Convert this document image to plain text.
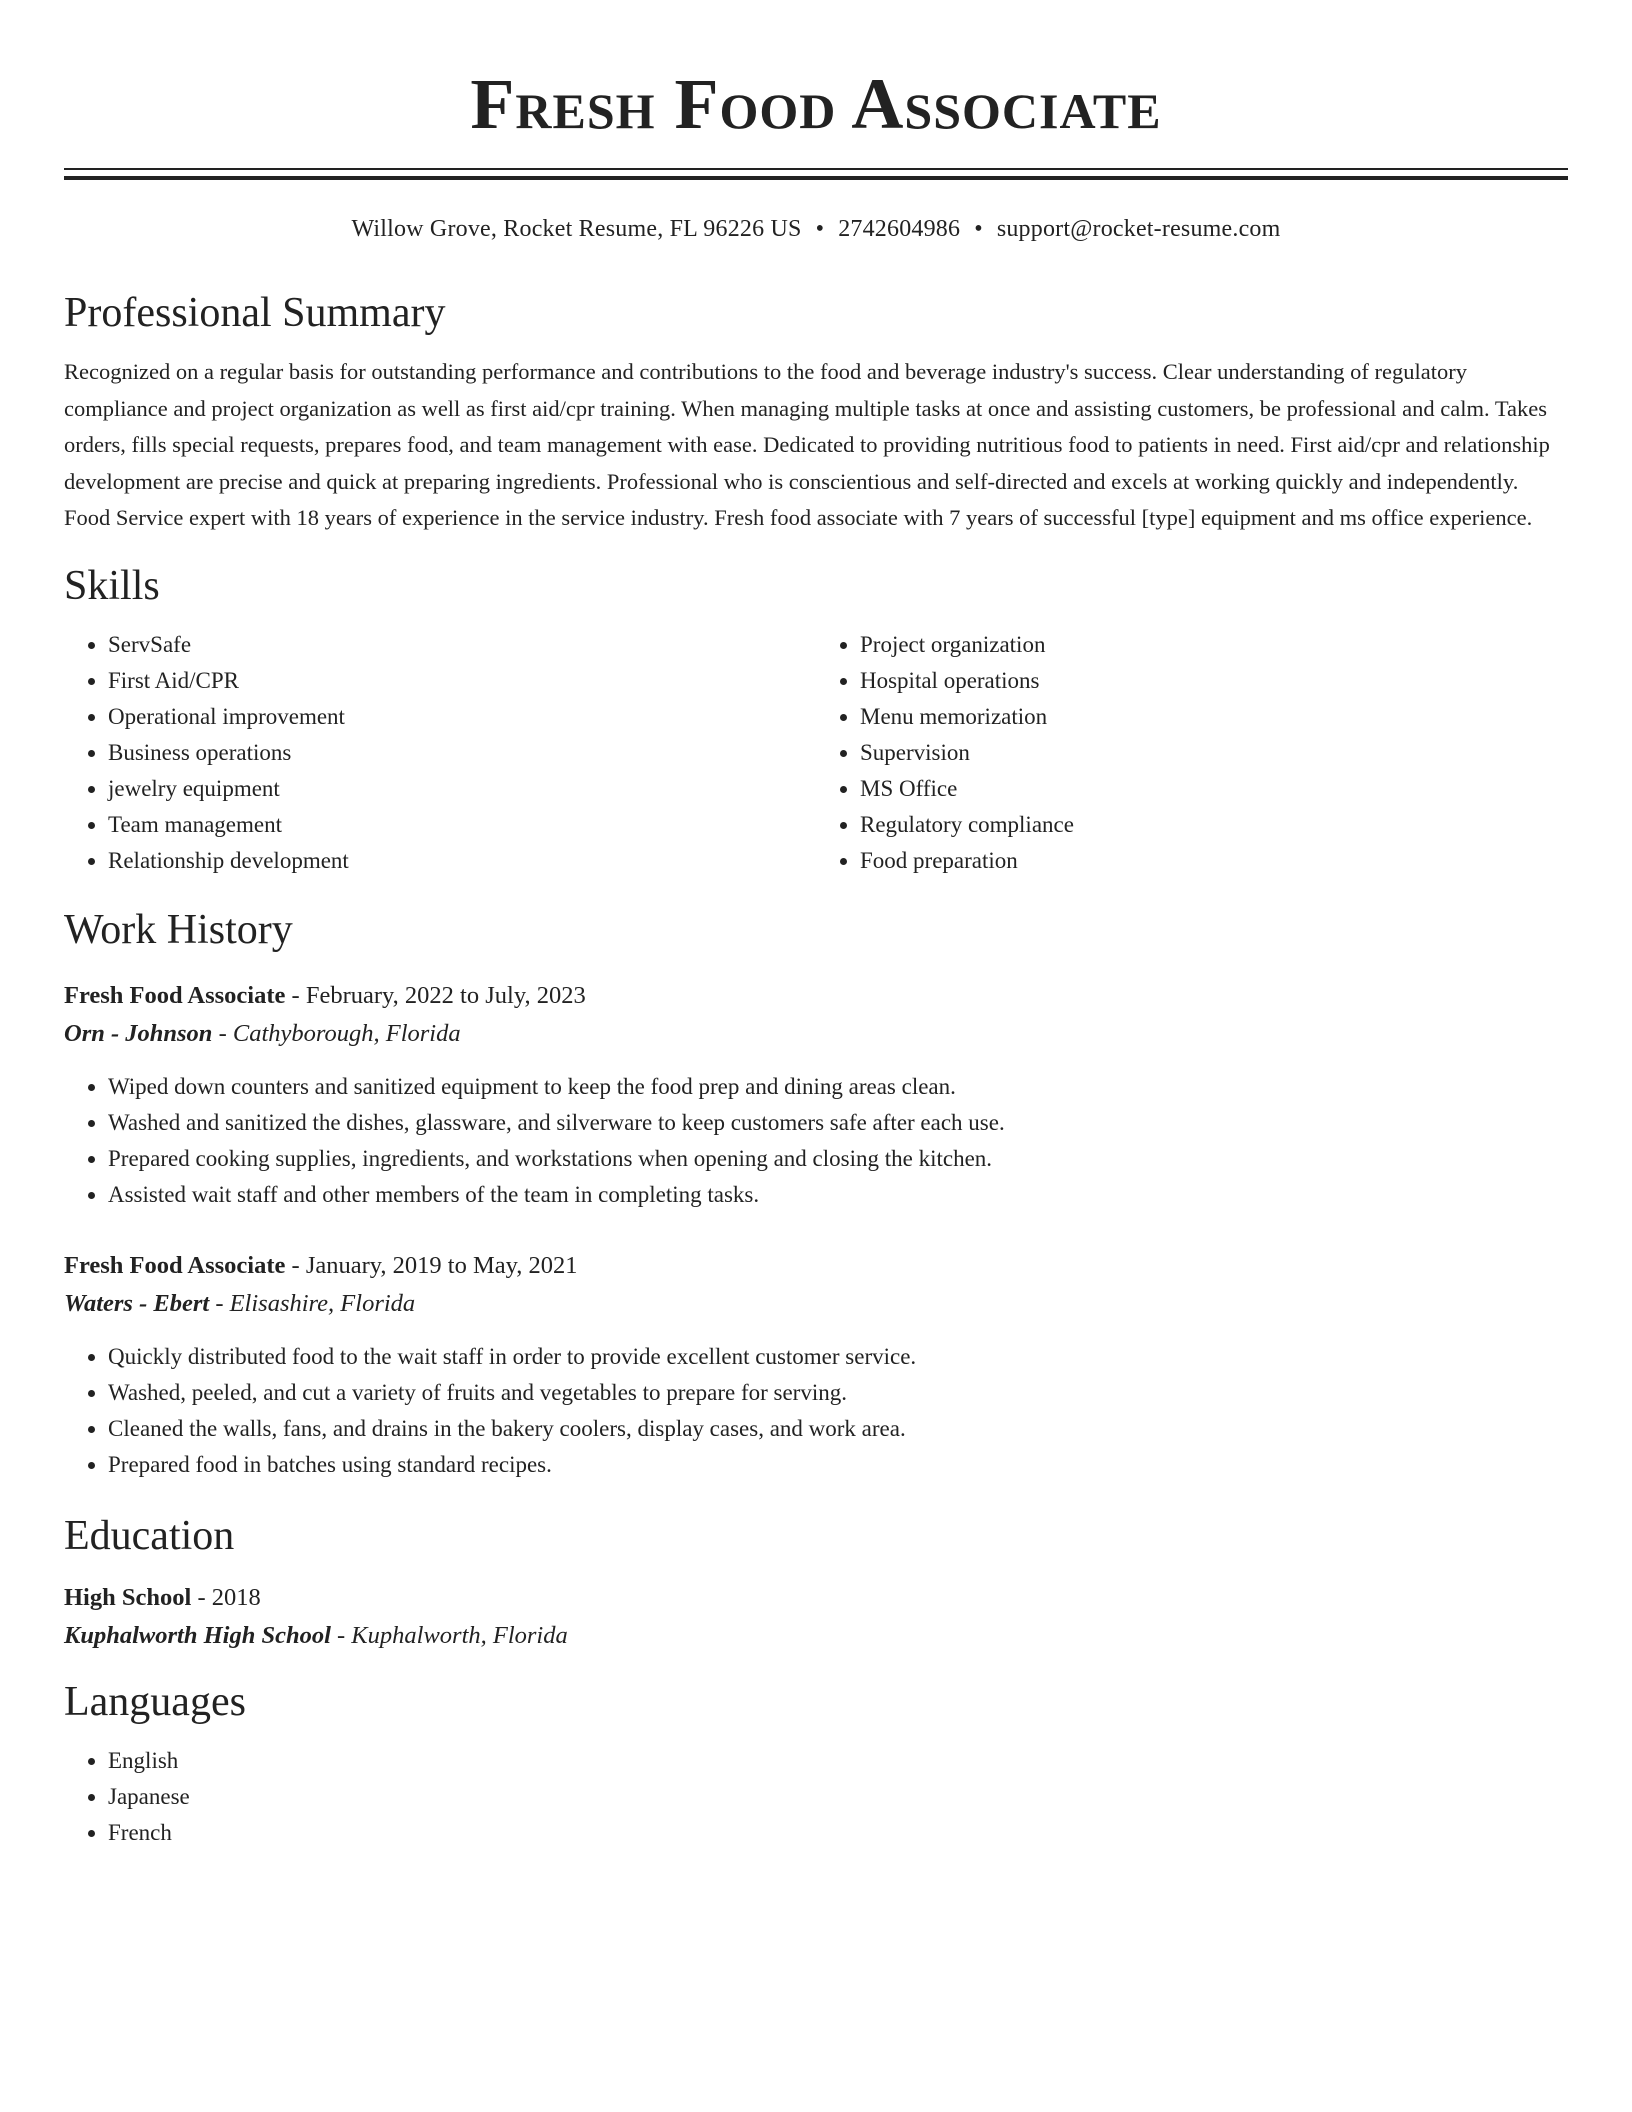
Fresh Food Associate
Willow Grove, Rocket Resume, FL 96226 US • 2742604986 • support@rocket-resume.com
Professional Summary
Recognized on a regular basis for outstanding performance and contributions to the food and beverage industry's success. Clear understanding of regulatory compliance and project organization as well as first aid/cpr training. When managing multiple tasks at once and assisting customers, be professional and calm. Takes orders, fills special requests, prepares food, and team management with ease. Dedicated to providing nutritious food to patients in need. First aid/cpr and relationship development are precise and quick at preparing ingredients. Professional who is conscientious and self-directed and excels at working quickly and independently. Food Service expert with 18 years of experience in the service industry. Fresh food associate with 7 years of successful [type] equipment and ms office experience.
Skills
• ServSafe
• First Aid/CPR
• Operational improvement
• Business operations
• jewelry equipment
• Team management
• Relationship development
• Project organization
• Hospital operations
• Menu memorization
• Supervision
• MS Office
• Regulatory compliance
• Food preparation
Work History
Fresh Food Associate - February, 2022 to July, 2023
Orn - Johnson - Cathyborough, Florida
• Wiped down counters and sanitized equipment to keep the food prep and dining areas clean.
• Washed and sanitized the dishes, glassware, and silverware to keep customers safe after each use.
• Prepared cooking supplies, ingredients, and workstations when opening and closing the kitchen.
• Assisted wait staff and other members of the team in completing tasks.
Fresh Food Associate - January, 2019 to May, 2021
Waters - Ebert - Elisashire, Florida
• Quickly distributed food to the wait staff in order to provide excellent customer service.
• Washed, peeled, and cut a variety of fruits and vegetables to prepare for serving.
• Cleaned the walls, fans, and drains in the bakery coolers, display cases, and work area.
• Prepared food in batches using standard recipes.
Education
High School - 2018
Kuphalworth High School - Kuphalworth, Florida
Languages
• English
• Japanese
• French
